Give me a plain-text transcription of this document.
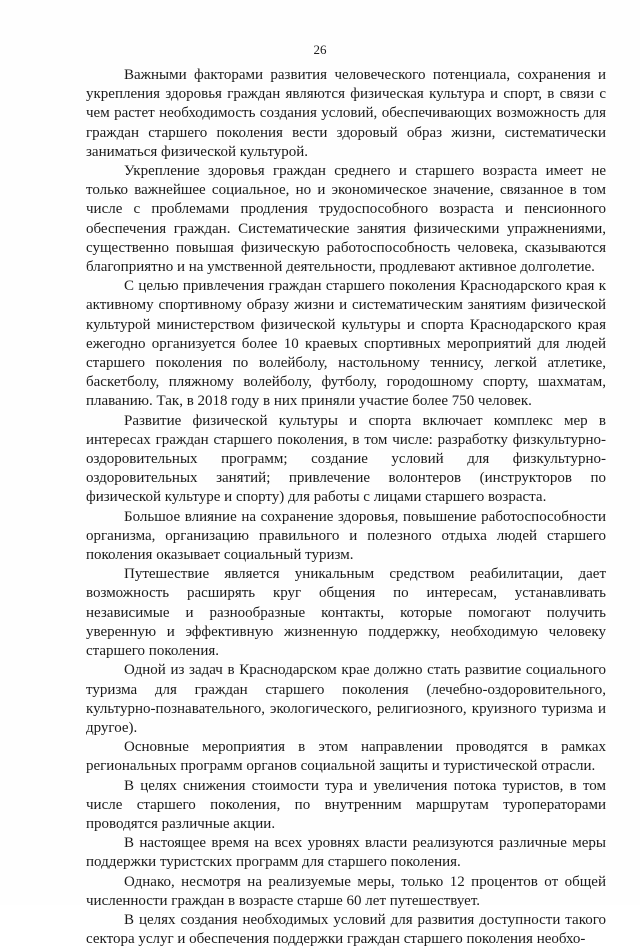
26

Важными факторами развития человеческого потенциала, сохранения и укрепления здоровья граждан являются физическая культура и спорт, в связи с чем растет необходимость создания условий, обеспечивающих возможность для граждан старшего поколения вести здоровый образ жизни, систематически заниматься физической культурой.

Укрепление здоровья граждан среднего и старшего возраста имеет не только важнейшее социальное, но и экономическое значение, связанное в том числе с проблемами продления трудоспособного возраста и пенсионного обеспечения граждан. Систематические занятия физическими упражнениями, существенно повышая физическую работоспособность человека, сказываются благоприятно и на умственной деятельности, продлевают активное долголетие.

С целью привлечения граждан старшего поколения Краснодарского края к активному спортивному образу жизни и систематическим занятиям физической культурой министерством физической культуры и спорта Краснодарского края ежегодно организуется более 10 краевых спортивных мероприятий для людей старшего поколения по волейболу, настольному теннису, легкой атлетике, баскетболу, пляжному волейболу, футболу, городошному спорту, шахматам, плаванию. Так, в 2018 году в них приняли участие более 750 человек.

Развитие физической культуры и спорта включает комплекс мер в интересах граждан старшего поколения, в том числе: разработку физкультурно-оздоровительных программ; создание условий для физкультурно-оздоровительных занятий; привлечение волонтеров (инструкторов по физической культуре и спорту) для работы с лицами старшего возраста.

Большое влияние на сохранение здоровья, повышение работоспособности организма, организацию правильного и полезного отдыха людей старшего поколения оказывает социальный туризм.

Путешествие является уникальным средством реабилитации, дает возможность расширять круг общения по интересам, устанавливать независимые и разнообразные контакты, которые помогают получить уверенную и эффективную жизненную поддержку, необходимую человеку старшего поколения.

Одной из задач в Краснодарском крае должно стать развитие социального туризма для граждан старшего поколения (лечебно-оздоровительного, культурно-познавательного, экологического, религиозного, круизного туризма и другое).

Основные мероприятия в этом направлении проводятся в рамках региональных программ органов социальной защиты и туристической отрасли.

В целях снижения стоимости тура и увеличения потока туристов, в том числе старшего поколения, по внутренним маршрутам туроператорами проводятся различные акции.

В настоящее время на всех уровнях власти реализуются различные меры поддержки туристских программ для старшего поколения.

Однако, несмотря на реализуемые меры, только 12 процентов от общей численности граждан в возрасте старше 60 лет путешествует.

В целях создания необходимых условий для развития доступности такого сектора услуг и обеспечения поддержки граждан старшего поколения необхо-
